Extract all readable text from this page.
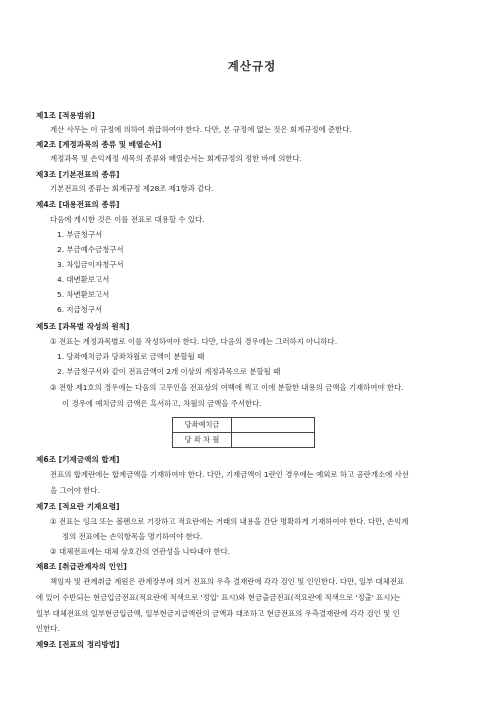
계산규정
제1조 [적용범위]
계산 사무는 이 규정에 의하여 취급하여야 한다. 다만, 본 규정에 없는 것은 회계규정에 준한다.
제2조 [계정과목의 종류 및 배열순서]
계정과목 및 손익계정 세목의 종류와 배열순서는 회계규정의 정한 바에 의한다.
제3조 [기본전표의 종류]
기본전표의 종류는 회계규정 제28조 제1항과 같다.
제4조 [대용전표의 종류]
다음에 게시한 것은 이를 전표로 대용할 수 있다.
1. 부금청구서
2. 부금예수금청구서
3. 차입금이자청구서
4. 대변환보고서
5. 차변환보고서
6. 지급청구서
제5조 [과목별 작성의 원칙]
① 전표는 계정과목별로 이를 작성하여야 한다. 다만, 다음의 경우에는 그러하지 아니하다.
1. 당좌예치금과 당좌차월로 금액이 분할될 때
2. 부금청구서와 같이 전표금액이 2개 이상의 계정과목으로 분할될 때
② 전항 제1호의 경우에는 다음의 고무인을 전표상의 여백에 찍고 이에 분할한 내용의 금액을 기재하여야 한다.
이 경우에 예치금의 금액은 흑서하고, 차월의 금액을 주서한다.
당좌예치금	
당 좌 차 월	
제6조 [기재금액의 합계]
전표의 합계란에는 합계금액을 기재하여야 한다. 다만, 기재금액이 1란인 경우에는 예외로 하고 공란개소에 사선
을 그어야 한다.
제7조 [적요란 기재요령]
① 전표는 잉크 또는 볼펜으로 기장하고 적요란에는 거래의 내용을 간단 명확하게 기재하여야 한다. 다만, 손익계
정의 전표에는 손익항목을 명기하여야 한다.
② 대체전표에는 대체 상호간의 연관성을 나타내야 한다.
제8조 [취급관계자의 인인]
책임자 및 관계취급 계원은 관계장부에 의거 전표의 우측 결재란에 각각 검인 및 인인한다. 다만, 일부 대체전표
에 있어 수반되는 현금입금전표(적요란에 적색으로 '정입' 표시)와 현금출금전표(적요란에 적색으로 '정출' 표시)는
일부 대체전표의 일부현금입금액, 일부현금지급액란의 금액과 대조하고 현금전표의 우측결재란에 각각 검인 및 인
인한다.
제9조 [전표의 정리방법]
